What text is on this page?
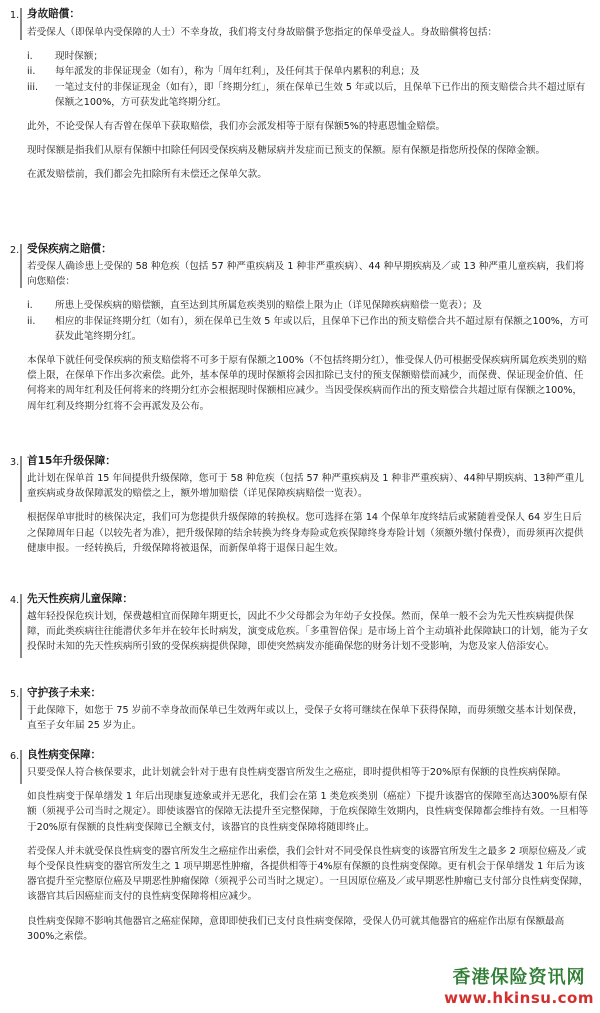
1. 身故賠償：

若受保人（即保单内受保障的人士）不幸身故，我们将支付身故賠償予您指定的保单受益人。身故賠償将包括：

i. 现时保额；
ii. 每年派发的非保证现金（如有），称为「周年红利」，及任何其于保单内累积的利息；及
iii. 一笔过支付的非保证现金（如有），即「终期分红」，须在保单已生效 5 年或以后，且保单下已作出的预支赔偿合共不超过原有保额之100%，方可获发此笔终期分红。

此外，不论受保人有否曾在保单下获取赔偿，我们亦会派发相等于原有保额5%的特惠恩恤金赔偿。

现时保额是指我们从原有保额中扣除任何因受保疾病及糖尿病并发症而已预支的保额。原有保额是指您所投保的保障金额。

在派发赔偿前，我们都会先扣除所有未偿还之保单欠款。

2. 受保疾病之賠償：

若受保人确诊患上受保的 58 种危疾（包括 57 种严重疾病及 1 种非严重疾病）、44 种早期疾病及／或 13 种严重儿童疾病，我们将向您赔偿：

i. 所患上受保疾病的赔偿额，直至达到其所属危疾类别的赔偿上限为止（详见保障疾病赔偿一览表）；及
ii. 相应的非保证终期分红（如有），须在保单已生效 5 年或以后，且保单下已作出的预支赔偿合共不超过原有保额之100%，方可获发此笔终期分红。

本保单下就任何受保疾病的预支赔偿将不可多于原有保额之100%（不包括终期分红），惟受保人仍可根据受保疾病所属危疾类别的赔偿上限，在保单下作出多次索偿。此外，基本保单的现时保额将会因扣除已支付的预支保额赔偿而减少，而保费、保证现金价值、任何将来的周年红利及任何将来的终期分红亦会根据现时保额相应减少。当因受保疾病而作出的预支赔偿合共超过原有保额之100%，周年红利及终期分红将不会再派发及公布。

3. 首15年升级保障：

此计划在保单首 15 年间提供升级保障，您可于 58 种危疾（包括 57 种严重疾病及 1 种非严重疾病）、44种早期疾病、13种严重儿童疾病或身故保障派发的赔偿之上，额外增加赔偿（详见保障疾病赔偿一览表）。

根据保单审批时的核保决定，我们可为您提供升级保障的转换权。您可选择在第 14 个保单年度终结后或紧随着受保人 64 岁生日后之保障周年日起（以较先者为准），把升级保障的结余转换为终身寿险或危疾保障终身寿险计划（须额外缴付保费），而毋须再次提供健康申报。一经转换后，升级保障将被退保，而新保单将于退保日起生效。

4. 先天性疾病儿童保障：

越年轻投保危疾计划，保费越相宜而保障年期更长，因此不少父母都会为年幼子女投保。然而，保单一般不会为先天性疾病提供保障，而此类疾病往往能潜伏多年并在较年长时病发，演变成危疾。「多重智倍保」是市场上首个主动填补此保障缺口的计划，能为子女投保时未知的先天性疾病所引致的受保疾病提供保障，即使突然病发亦能确保您的财务计划不受影响，为您及家人倍添安心。

5. 守护孩子未来：

于此保障下，如您于 75 岁前不幸身故而保单已生效两年或以上，受保子女将可继续在保单下获得保障，而毋须缴交基本计划保费，直至子女年届 25 岁为止。

6. 良性病变保障：

只要受保人符合核保要求，此计划就会针对于患有良性病变器官所发生之癌症，即时提供相等于20%原有保额的良性疾病保障。

如良性病变于保单缮发 1 年后出现康复迹象或并无恶化，我们会在第 1 类危疾类别（癌症）下提升该器官的保障至高达300%原有保额（须视乎公司当时之规定）。即使该器官的保障无法提升至完整保障，于危疾保障生效期内，良性病变保障都会维持有效。一旦相等于20%原有保额的良性病变保障已全额支付，该器官的良性病变保障将随即终止。

若受保人并未就受保良性病变的器官所发生之癌症作出索偿，我们会针对不同受保良性病变的该器官所发生之最多 2 项原位癌及／或每个受保良性病变的器官所发生之 1 项早期恶性肿瘤，各提供相等于4%原有保额的良性病变保障。更有机会于保单缮发 1 年后为该器官提升至完整原位癌及早期恶性肿瘤保障（须视乎公司当时之规定）。一旦因原位癌及／或早期恶性肿瘤已支付部分良性病变保障，该器官其后因癌症而支付的良性病变保障将相应减少。

良性病变保障不影响其他器官之癌症保障，意即即使我们已支付良性病变保障，受保人仍可就其他器官的癌症作出原有保额最高300%之索偿。

香港保险资讯网
www.hkinsu.com
